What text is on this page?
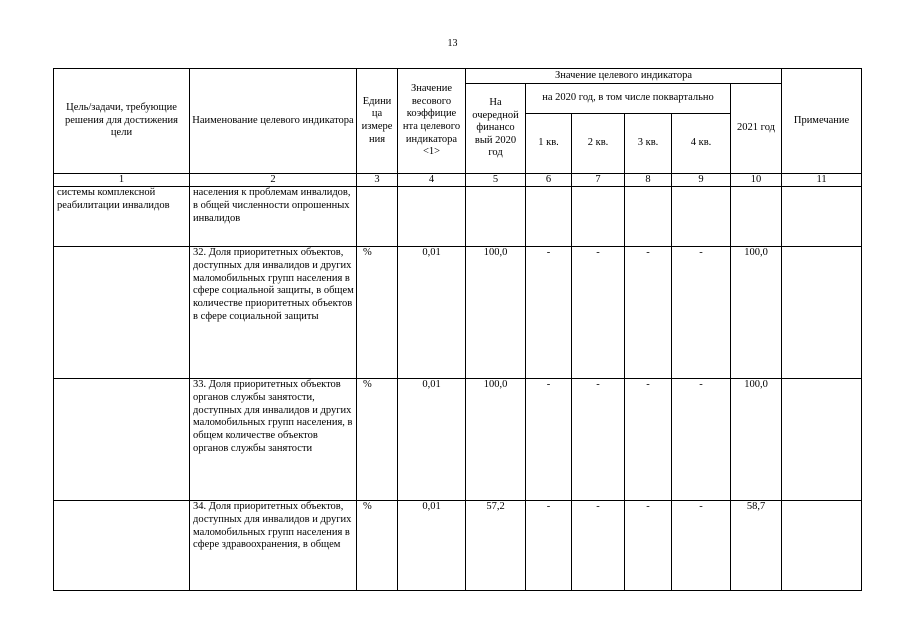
13
Цель/задачи, требующие решения для достижения цели	Наименование целевого индикатора	Едини ца измере ния	Значение весового коэффицие нта целевого индикатора <1>	Значение целевого индикатора						Примечание
				На очередной финансо вый 2020 год	на 2020 год, в том числе поквартально				2021 год	
					1 кв.	2 кв.	3 кв.	4 кв.		
1	2	3	4	5	6	7	8	9	10	11
системы комплексной реабилитации инвалидов	населения к проблемам инвалидов, в общей численности опрошенных инвалидов									
	32. Доля приоритетных объектов, доступных для инвалидов и других маломобильных групп населения в сфере социальной защиты, в общем количестве приоритетных объектов в сфере социальной защиты	%	0,01	100,0	-	-	-	-	100,0	
	33. Доля приоритетных объектов органов службы занятости, доступных для инвалидов и других маломобильных групп населения, в общем количестве объектов органов службы занятости	%	0,01	100,0	-	-	-	-	100,0	
	34. Доля приоритетных объектов, доступных для инвалидов и других маломобильных групп населения в сфере здравоохранения, в общем	%	0,01	57,2	-	-	-	-	58,7	
